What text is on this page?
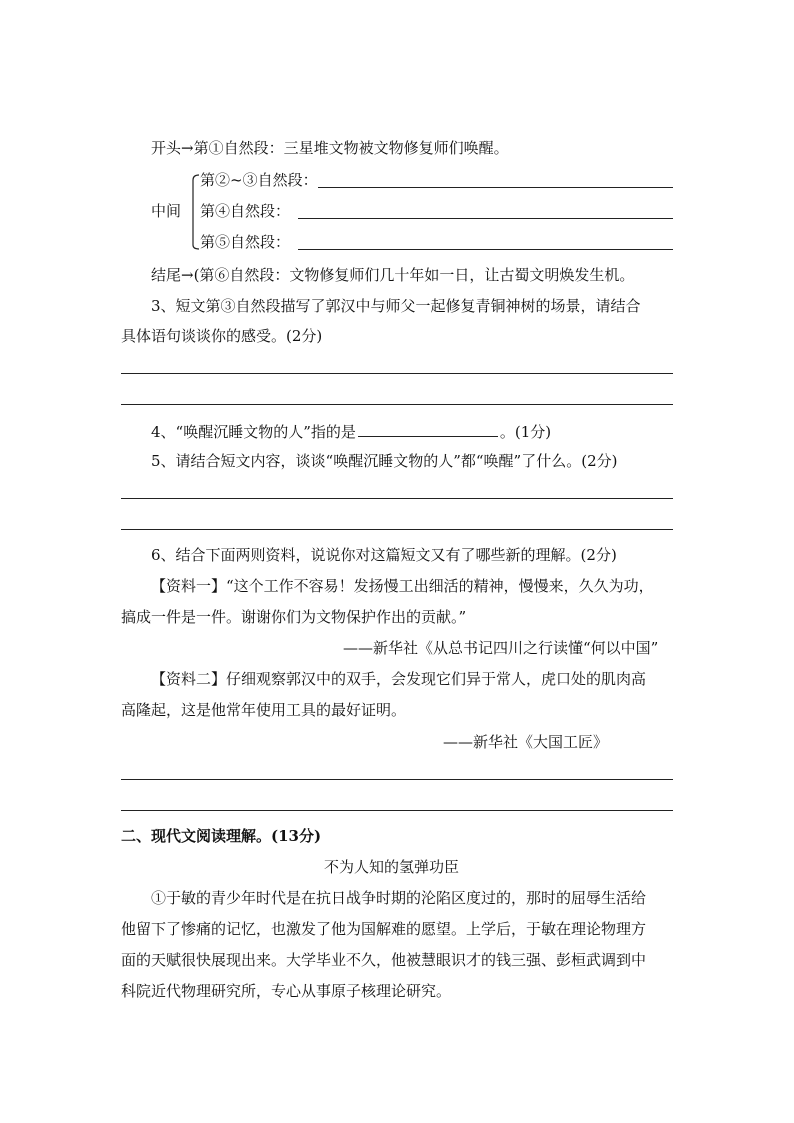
开头→第①自然段：三星堆文物被文物修复师们唤醒。
中间
第②~③自然段：
第④自然段：
第⑤自然段：
结尾→(第⑥自然段：文物修复师们几十年如一日，让古蜀文明焕发生机。
3、短文第③自然段描写了郭汉中与师父一起修复青铜神树的场景，请结合
具体语句谈谈你的感受。(2分)
4、“唤醒沉睡文物的人”指的是	。(1分)
5、请结合短文内容，谈谈“唤醒沉睡文物的人”都“唤醒”了什么。(2分)
6、结合下面两则资料，说说你对这篇短文又有了哪些新的理解。(2分)
【资料一】“这个工作不容易！发扬慢工出细活的精神，慢慢来，久久为功，
搞成一件是一件。谢谢你们为文物保护作出的贡献。”
——新华社《从总书记四川之行读懂“何以中国”
【资料二】仔细观察郭汉中的双手，会发现它们异于常人，虎口处的肌肉高
高隆起，这是他常年使用工具的最好证明。
——新华社《大国工匠》
二、现代文阅读理解。(13分)
不为人知的氢弹功臣
①于敏的青少年时代是在抗日战争时期的沦陷区度过的，那时的屈辱生活给
他留下了惨痛的记忆，也激发了他为国解难的愿望。上学后，于敏在理论物理方
面的天赋很快展现出来。大学毕业不久，他被慧眼识才的钱三强、彭桓武调到中
科院近代物理研究所，专心从事原子核理论研究。
